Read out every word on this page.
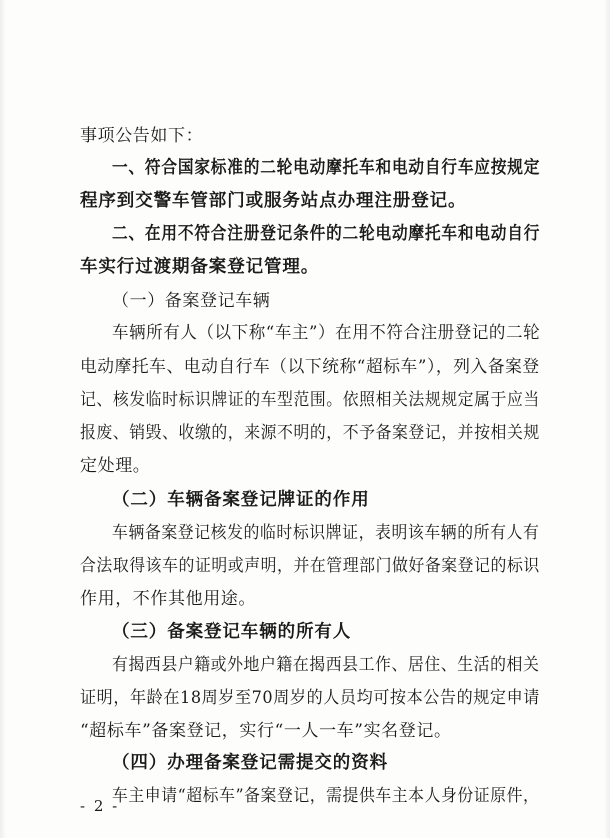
事项公告如下：

一、符合国家标准的二轮电动摩托车和电动自行车应按规定

程序到交警车管部门或服务站点办理注册登记。

二、在用不符合注册登记条件的二轮电动摩托车和电动自行

车实行过渡期备案登记管理。

（一）备案登记车辆

车辆所有人（以下称“车主”）在用不符合注册登记的二轮

电动摩托车、电动自行车（以下统称“超标车”），列入备案登

记、核发临时标识牌证的车型范围。依照相关法规规定属于应当

报废、销毁、收缴的，来源不明的，不予备案登记，并按相关规

定处理。

（二）车辆备案登记牌证的作用

车辆备案登记核发的临时标识牌证，表明该车辆的所有人有

合法取得该车的证明或声明，并在管理部门做好备案登记的标识

作用，不作其他用途。

（三）备案登记车辆的所有人

有揭西县户籍或外地户籍在揭西县工作、居住、生活的相关

证明，年龄在18周岁至70周岁的人员均可按本公告的规定申请

“超标车”备案登记，实行“一人一车”实名登记。

（四）办理备案登记需提交的资料

车主申请“超标车”备案登记，需提供车主本人身份证原件，

- 2 -
